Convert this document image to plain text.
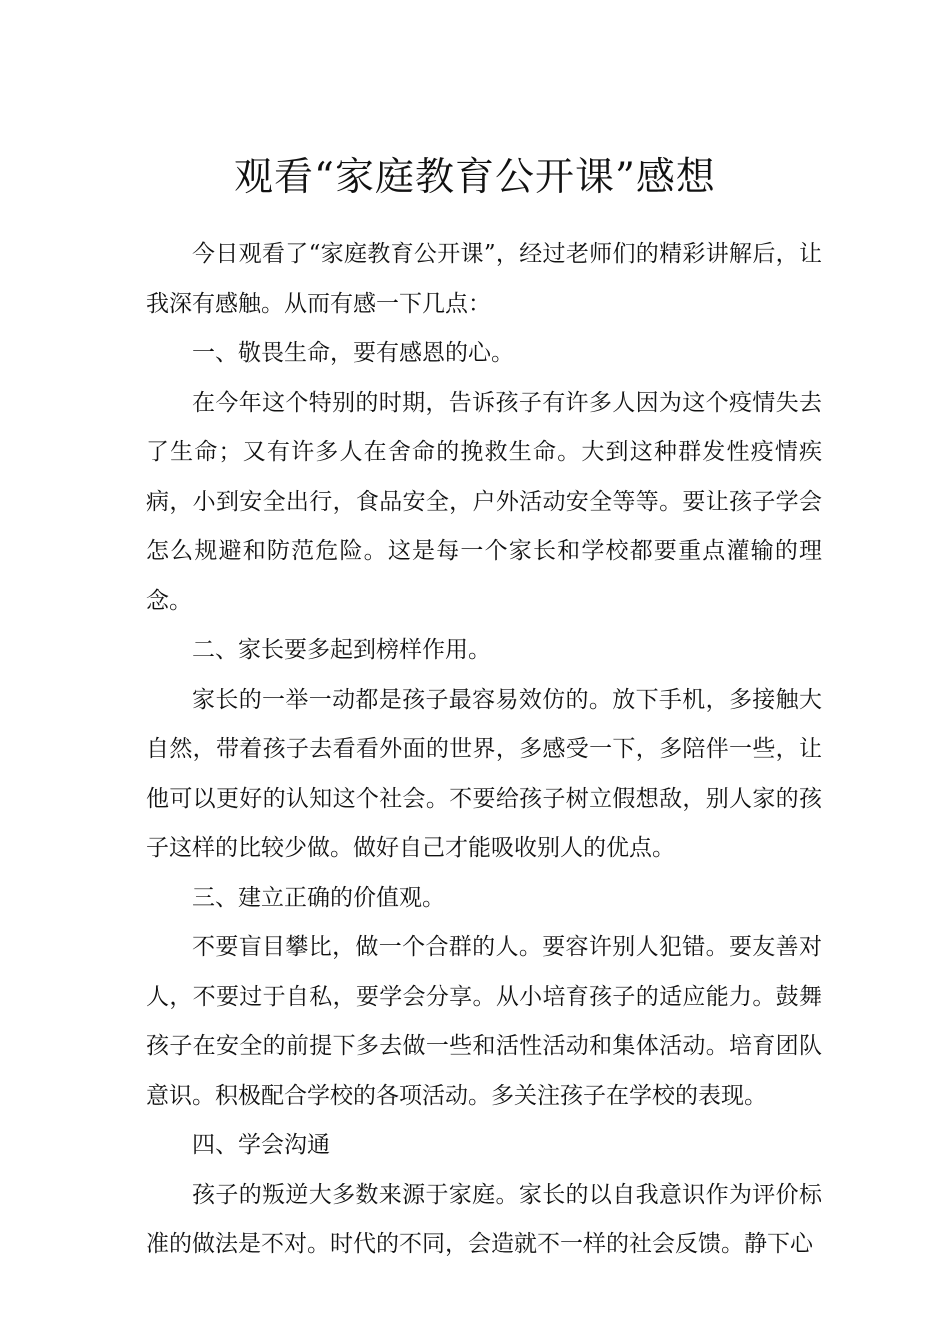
观看“家庭教育公开课”感想

今日观看了“家庭教育公开课”，经过老师们的精彩讲解后，让我深有感触。从而有感一下几点：

一、敬畏生命，要有感恩的心。

在今年这个特别的时期，告诉孩子有许多人因为这个疫情失去了生命；又有许多人在舍命的挽救生命。大到这种群发性疫情疾病，小到安全出行，食品安全，户外活动安全等等。要让孩子学会怎么规避和防范危险。这是每一个家长和学校都要重点灌输的理念。

二、家长要多起到榜样作用。

家长的一举一动都是孩子最容易效仿的。放下手机，多接触大自然，带着孩子去看看外面的世界，多感受一下，多陪伴一些，让他可以更好的认知这个社会。不要给孩子树立假想敌，别人家的孩子这样的比较少做。做好自己才能吸收别人的优点。

三、建立正确的价值观。

不要盲目攀比，做一个合群的人。要容许别人犯错。要友善对人，不要过于自私，要学会分享。从小培育孩子的适应能力。鼓舞孩子在安全的前提下多去做一些和活性活动和集体活动。培育团队意识。积极配合学校的各项活动。多关注孩子在学校的表现。

四、学会沟通

孩子的叛逆大多数来源于家庭。家长的以自我意识作为评价标准的做法是不对。时代的不同，会造就不一样的社会反馈。静下心
